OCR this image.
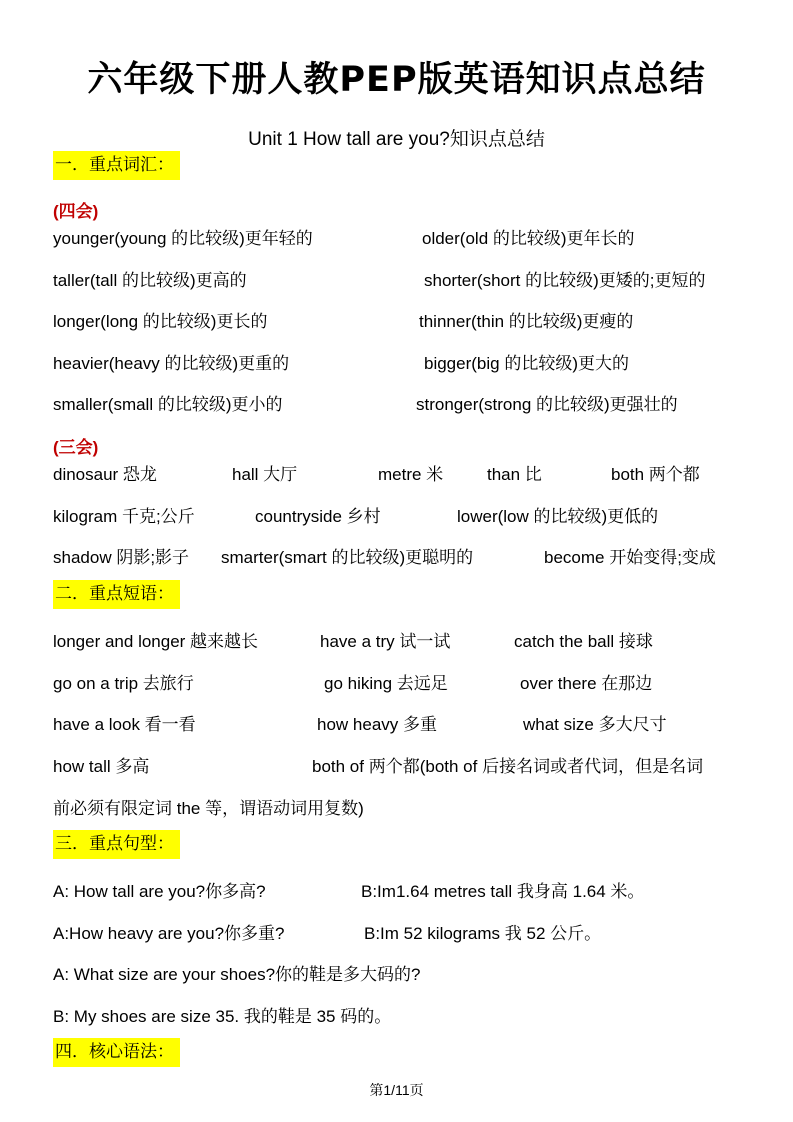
六年级下册人教PEP版英语知识点总结
Unit 1 How tall are you?知识点总结
一．重点词汇：
(四会)
younger(young 的比较级)更年轻的	older(old 的比较级)更年长的
taller(tall 的比较级)更高的	shorter(short 的比较级)更矮的;更短的
longer(long 的比较级)更长的	thinner(thin 的比较级)更瘦的
heavier(heavy 的比较级)更重的	bigger(big 的比较级)更大的
smaller(small 的比较级)更小的	stronger(strong 的比较级)更强壮的
(三会)
dinosaur 恐龙	hall 大厅	metre 米	than 比	both 两个都
kilogram 千克;公斤	countryside 乡村	lower(low 的比较级)更低的
shadow 阴影;影子 smarter(smart 的比较级)更聪明的	become 开始变得;变成
二．重点短语：
longer and longer 越来越长	have a try 试一试	catch the ball 接球
go on a trip 去旅行	go hiking 去远足	over there 在那边
have a look 看一看	how heavy 多重	what size 多大尺寸
how tall 多高	both of 两个都(both of 后接名词或者代词，但是名词
前必须有限定词 the 等，谓语动词用复数)
三．重点句型：
A: How tall are you?你多高?	B:Im1.64 metres tall 我身高 1.64 米。
A:How heavy are you?你多重?	B:Im 52 kilograms 我 52 公斤。
A: What size are your shoes?你的鞋是多大码的?
B: My shoes are size 35. 我的鞋是 35 码的。
四．核心语法：
第1/11页
